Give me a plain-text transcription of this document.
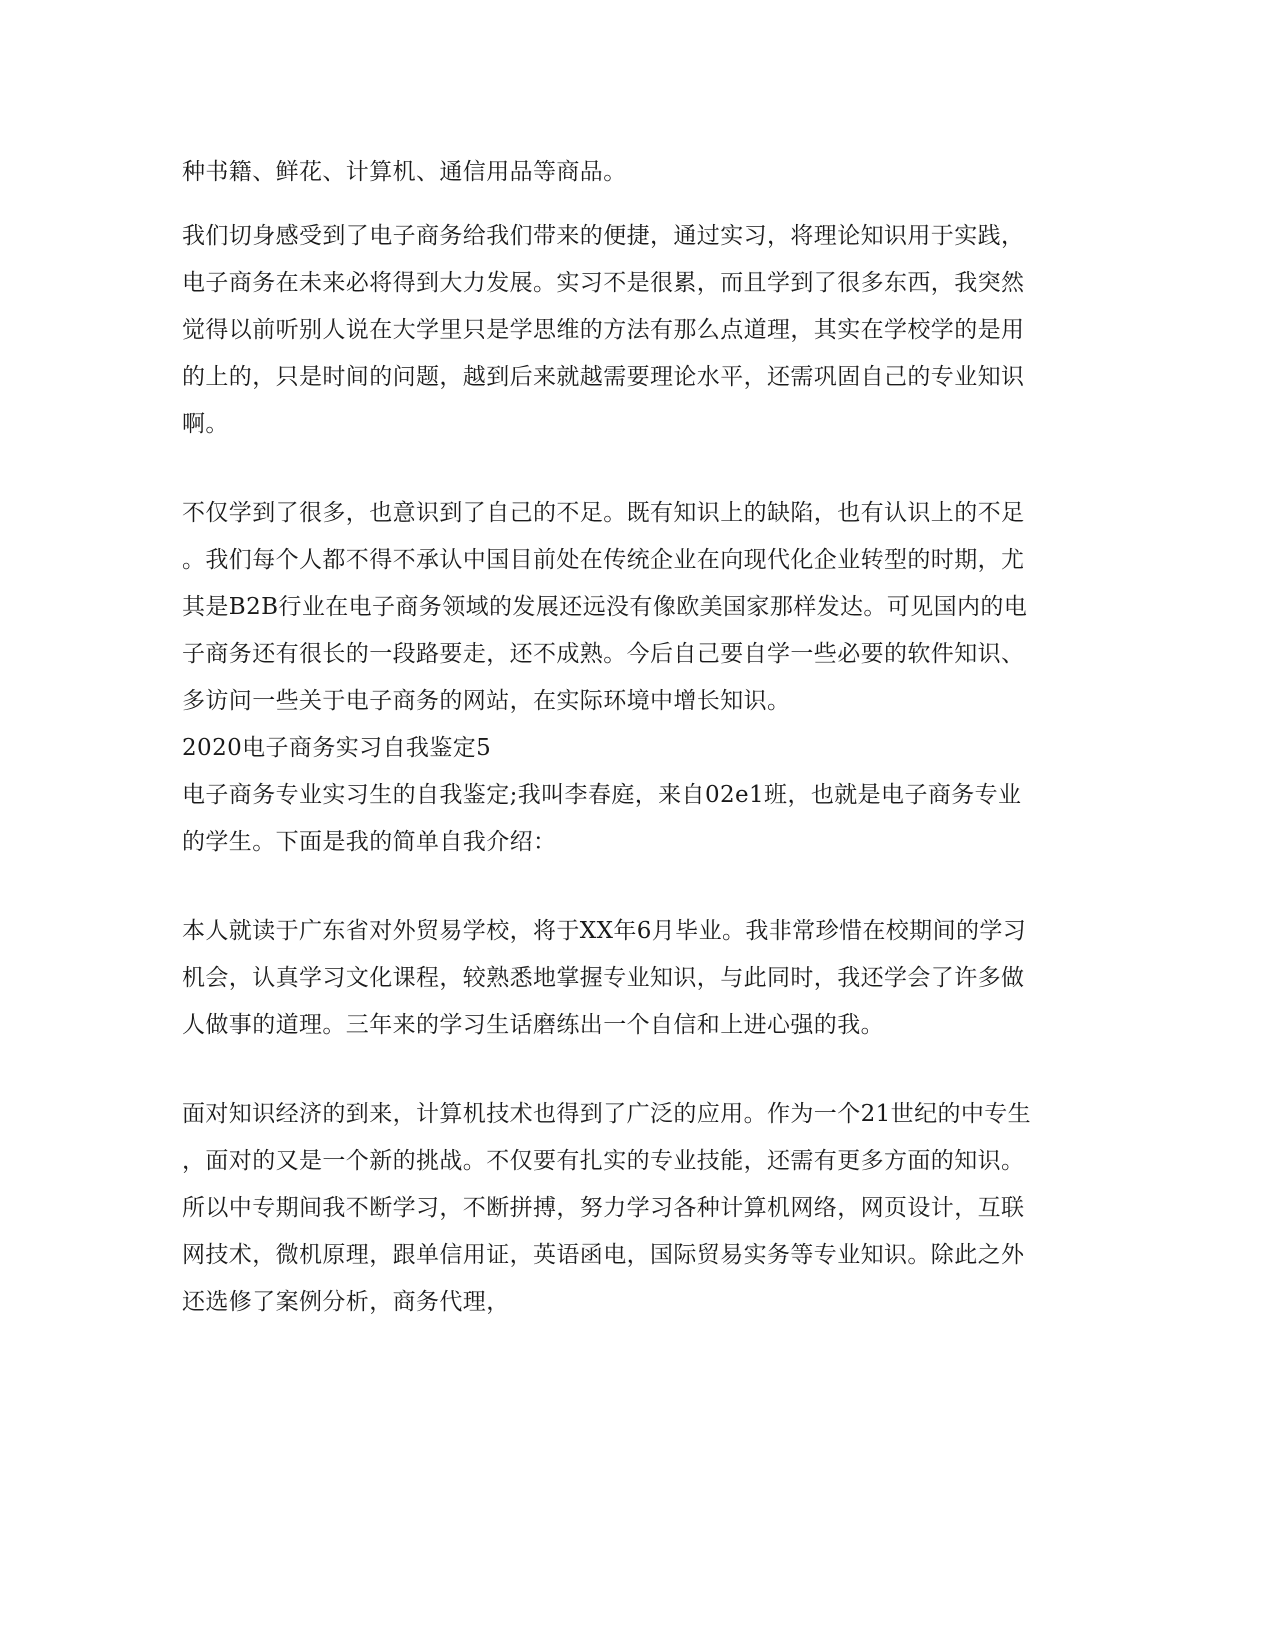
种书籍、鲜花、计算机、通信用品等商品。
我们切身感受到了电子商务给我们带来的便捷，通过实习，将理论知识用于实践，
电子商务在未来必将得到大力发展。实习不是很累，而且学到了很多东西，我突然
觉得以前听别人说在大学里只是学思维的方法有那么点道理，其实在学校学的是用
的上的，只是时间的问题，越到后来就越需要理论水平，还需巩固自己的专业知识
啊。
不仅学到了很多，也意识到了自己的不足。既有知识上的缺陷，也有认识上的不足
。我们每个人都不得不承认中国目前处在传统企业在向现代化企业转型的时期，尤
其是B2B行业在电子商务领域的发展还远没有像欧美国家那样发达。可见国内的电
子商务还有很长的一段路要走，还不成熟。今后自己要自学一些必要的软件知识、
多访问一些关于电子商务的网站，在实际环境中增长知识。
2020电子商务实习自我鉴定5
电子商务专业实习生的自我鉴定;我叫李春庭，来自02e1班，也就是电子商务专业
的学生。下面是我的简单自我介绍：
本人就读于广东省对外贸易学校，将于XX年6月毕业。我非常珍惜在校期间的学习
机会，认真学习文化课程，较熟悉地掌握专业知识，与此同时，我还学会了许多做
人做事的道理。三年来的学习生话磨练出一个自信和上进心强的我。
面对知识经济的到来，计算机技术也得到了广泛的应用。作为一个21世纪的中专生
，面对的又是一个新的挑战。不仅要有扎实的专业技能，还需有更多方面的知识。
所以中专期间我不断学习，不断拼搏，努力学习各种计算机网络，网页设计，互联
网技术，微机原理，跟单信用证，英语函电，国际贸易实务等专业知识。除此之外
还选修了案例分析，商务代理，
